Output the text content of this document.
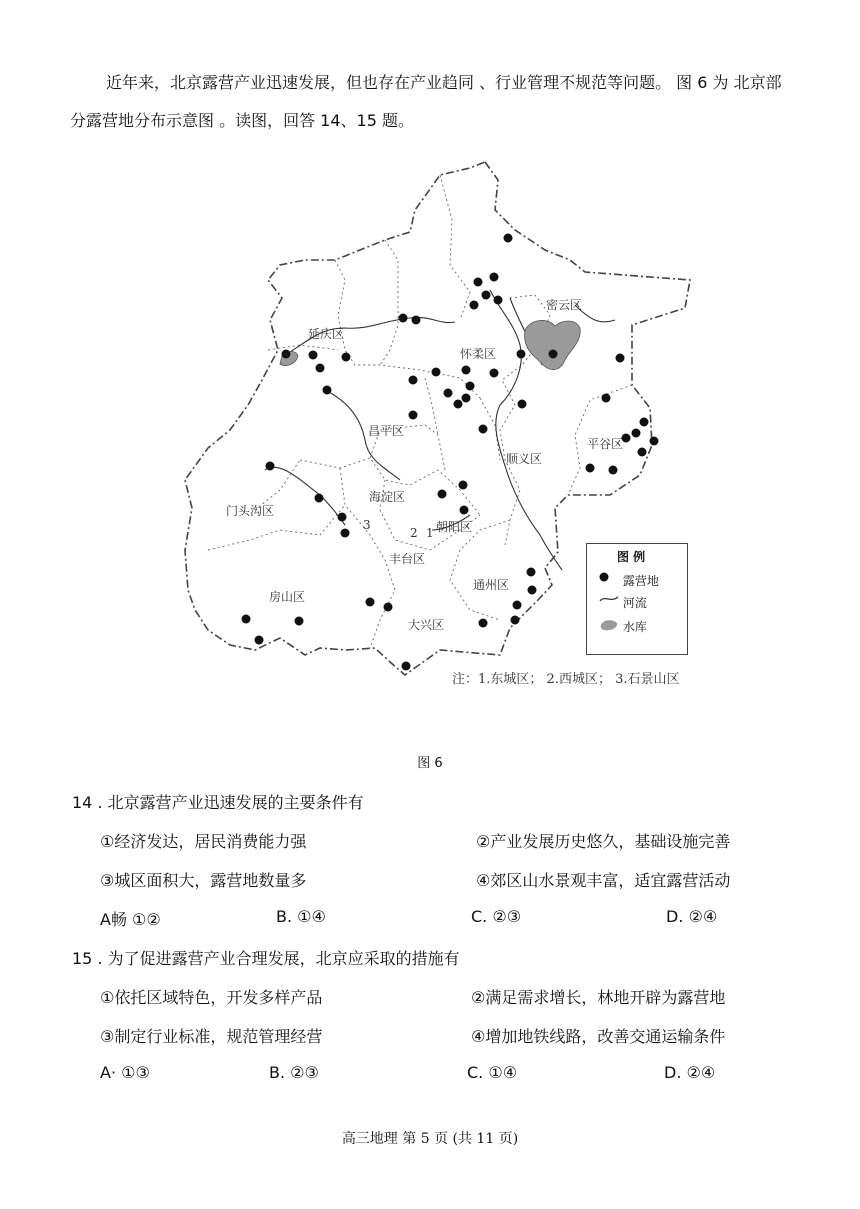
近年来，北京露营产业迅速发展，但也存在产业趋同 、行业管理不规范等问题。 图 6 为 北京部分露营地分布示意图 。读图，回答 14、15 题。

密云区
延庆区
怀柔区
昌平区
平谷区
顺义区
门头沟区
海淀区
朝阳区
丰台区
通州区
房山区
大兴区
1
2
3
图 例
露营地
河流
水库
注：1.东城区； 2.西城区； 3.石景山区
图 6
14 . 北京露营产业迅速发展的主要条件有
①经济发达，居民消费能力强	②产业发展历史悠久，基础设施完善
③城区面积大，露营地数量多	④郊区山水景观丰富，适宜露营活动
A畅 ①②	B. ①④	C. ②③	D. ②④
15 . 为了促进露营产业合理发展，北京应采取的措施有
①依托区域特色，开发多样产品	②满足需求增长，林地开辟为露营地
③制定行业标准，规范管理经营	④增加地铁线路，改善交通运输条件
A· ①③	B. ②③	C. ①④	D. ②④
高三地理 第 5 页 (共 11 页)
